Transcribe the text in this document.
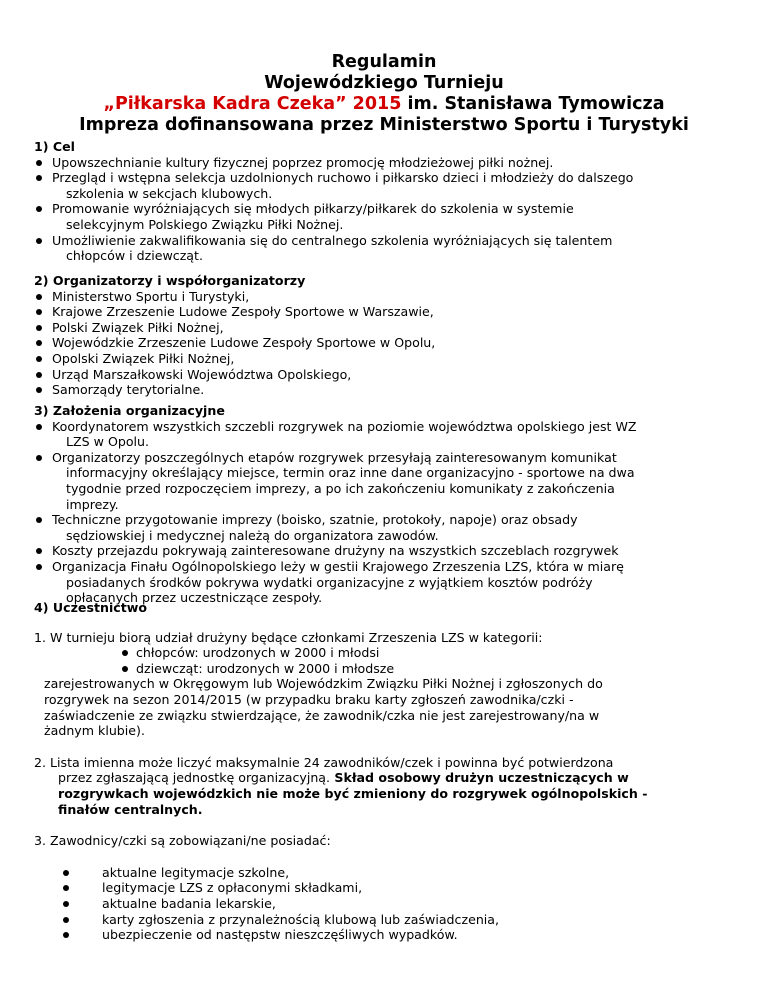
Regulamin
Wojewódzkiego Turnieju
„Piłkarska Kadra Czeka” 2015 im. Stanisława Tymowicza
Impreza dofinansowana przez Ministerstwo Sportu i Turystyki
1) Cel
Upowszechnianie kultury fizycznej poprzez promocję młodzieżowej piłki nożnej.
Przegląd i wstępna selekcja uzdolnionych ruchowo i piłkarsko dzieci i młodzieży do dalszego
szkolenia w sekcjach klubowych.
Promowanie wyróżniających się młodych piłkarzy/piłkarek do szkolenia w systemie
selekcyjnym Polskiego Związku Piłki Nożnej.
Umożliwienie zakwalifikowania się do centralnego szkolenia wyróżniających się talentem
chłopców i dziewcząt.
2) Organizatorzy i współorganizatorzy
Ministerstwo Sportu i Turystyki,
Krajowe Zrzeszenie Ludowe Zespoły Sportowe w Warszawie,
Polski Związek Piłki Nożnej,
Wojewódzkie Zrzeszenie Ludowe Zespoły Sportowe w Opolu,
Opolski Związek Piłki Nożnej,
Urząd Marszałkowski Województwa Opolskiego,
Samorządy terytorialne.
3) Założenia organizacyjne
Koordynatorem wszystkich szczebli rozgrywek na poziomie województwa opolskiego jest WZ
LZS w Opolu.
Organizatorzy poszczególnych etapów rozgrywek przesyłają zainteresowanym komunikat
informacyjny określający miejsce, termin oraz inne dane organizacyjno - sportowe na dwa
tygodnie przed rozpoczęciem imprezy, a po ich zakończeniu komunikaty z zakończenia
imprezy.
Techniczne przygotowanie imprezy (boisko, szatnie, protokoły, napoje) oraz obsady
sędziowskiej i medycznej należą do organizatora zawodów.
Koszty przejazdu pokrywają zainteresowane drużyny na wszystkich szczeblach rozgrywek
Organizacja Finału Ogólnopolskiego leży w gestii Krajowego Zrzeszenia LZS, która w miarę
posiadanych środków pokrywa wydatki organizacyjne z wyjątkiem kosztów podróży
opłacanych przez uczestniczące zespoły.
4) Uczestnictwo
1. W turnieju biorą udział drużyny będące członkami Zrzeszenia LZS w kategorii:
chłopców: urodzonych w 2000 i młodsi
dziewcząt: urodzonych w 2000 i młodsze
zarejestrowanych w Okręgowym lub Wojewódzkim Związku Piłki Nożnej i zgłoszonych do
rozgrywek na sezon 2014/2015 (w przypadku braku karty zgłoszeń zawodnika/czki -
zaświadczenie ze związku stwierdzające, że zawodnik/czka nie jest zarejestrowany/na w
żadnym klubie).
2. Lista imienna może liczyć maksymalnie 24 zawodników/czek i powinna być potwierdzona
przez zgłaszającą jednostkę organizacyjną. Skład osobowy drużyn uczestniczących w
rozgrywkach wojewódzkich nie może być zmieniony do rozgrywek ogólnopolskich -
finałów centralnych.
3. Zawodnicy/czki są zobowiązani/ne posiadać:
aktualne legitymacje szkolne,
legitymacje LZS z opłaconymi składkami,
aktualne badania lekarskie,
karty zgłoszenia z przynależnością klubową lub zaświadczenia,
ubezpieczenie od następstw nieszczęśliwych wypadków.
